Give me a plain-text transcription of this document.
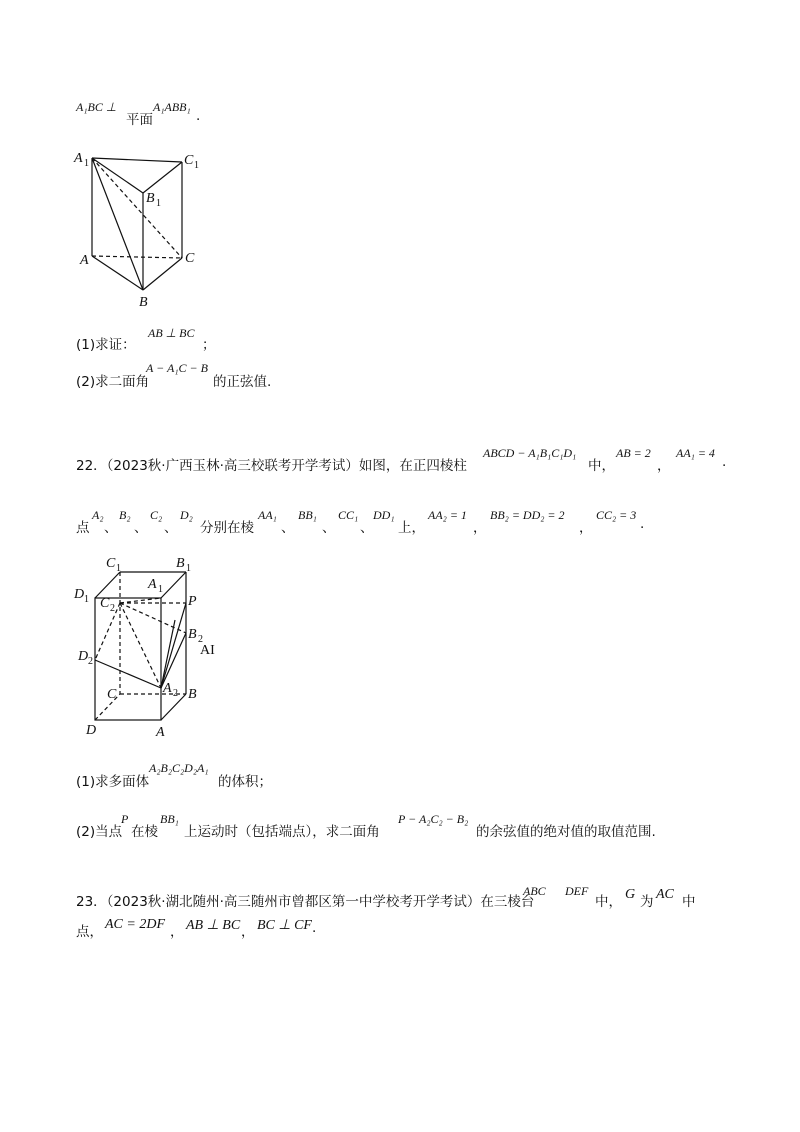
A₁BC ⊥
平面
A₁ABB₁
.
A 1	C 1
B 1
A	C
B
(1)求证：
AB ⊥ BC
；
(2)求二面角
A − A₁C − B
的正弦值.
22．（2023秋·广西玉林·高三校联考开学考试）如图，在正四棱柱
ABCD − A₁B₁C₁D₁
中，
AB = 2
，
AA₁ = 4
.
点
A₂
、
B₂
、
C₂
、
D₂
分别在棱
AA₁
、
BB₁
、
CC₁
、
DD₁
上，
AA₂ = 1
，
BB₂ = DD₂ = 2
，
CC₂ = 3
.
C 1	B 1
A 1
D 1 C 2	P
B 2
AI
D 2
C	A 2 B
D	A
(1)求多面体
A₂B₂C₂D₂A₁
的体积；
(2)当点
P
在棱
BB₁
上运动时（包括端点），求二面角
P − A₂C₂ − B₂
的余弦值的绝对值的取值范围.
23．（2023秋·湖北随州·高三随州市曾都区第一中学校考开学考试）在三棱台
ABC DEF
中， G 为 AC 中
点， AC = 2DF ， AB ⊥ BC ， BC ⊥ CF .
